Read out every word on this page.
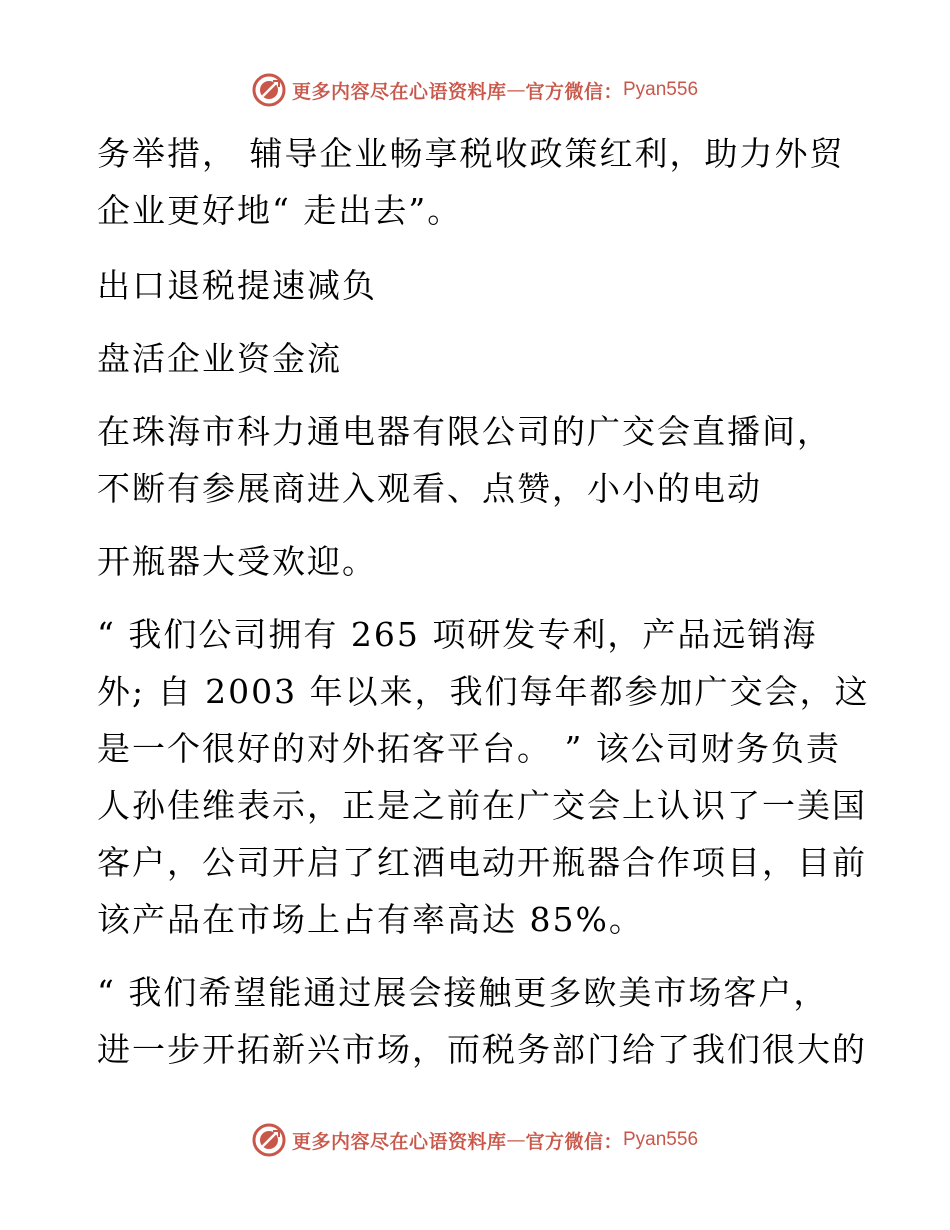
更多内容尽在心语资料库 — 官方微信： Pyan556
务举措， 辅导企业畅享税收政策红利，助力外贸
企业更好地“ 走出去”。
出口退税提速减负
盘活企业资金流
在珠海市科力通电器有限公司的广交会直播间，
不断有参展商进入观看、点赞，小小的电动
开瓶器大受欢迎。
“ 我们公司拥有 265 项研发专利，产品远销海
外; 自 2003 年以来，我们每年都参加广交会，这
是一个很好的对外拓客平台。 ” 该公司财务负责
人孙佳维表示，正是之前在广交会上认识了一美国
客户，公司开启了红酒电动开瓶器合作项目，目前
该产品在市场上占有率高达 85%。
“ 我们希望能通过展会接触更多欧美市场客户，
进一步开拓新兴市场，而税务部门给了我们很大的
更多内容尽在心语资料库 — 官方微信： Pyan556
